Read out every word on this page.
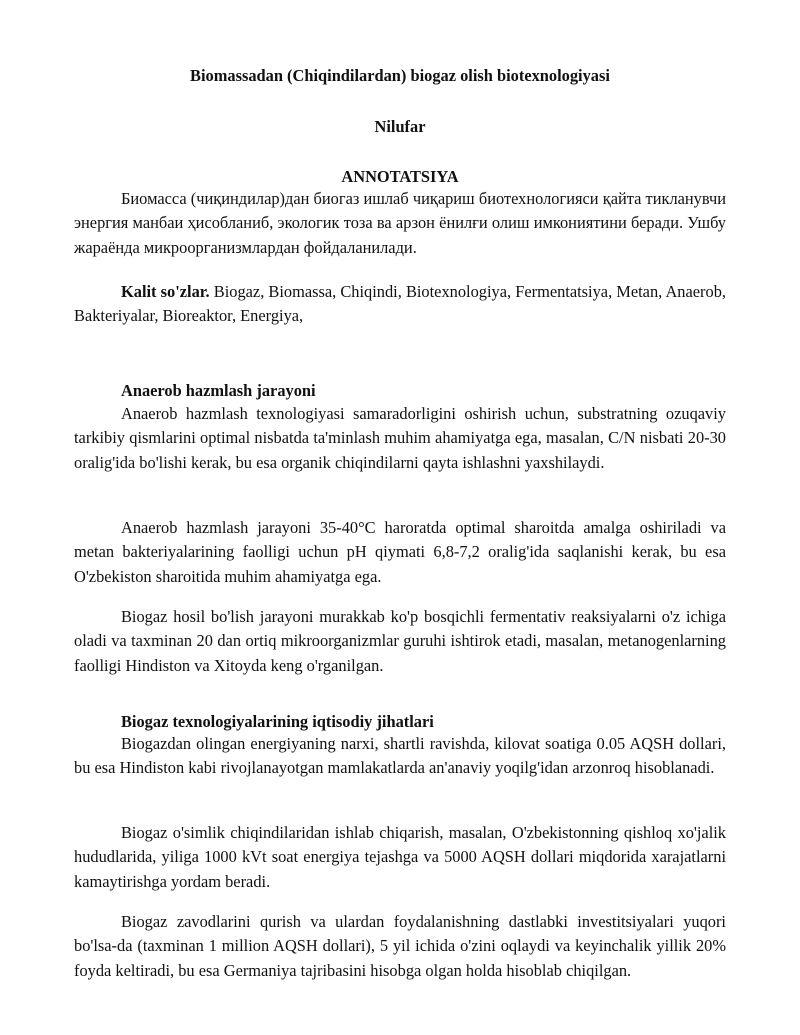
Biomassadan (Chiqindilardan) biogaz olish biotexnologiyasi
Nilufar
ANNOTATSIYA

Биомасса (чиқиндилар)дан биогаз ишлаб чиқариш биотехнологияси қайта тикланувчи энергия манбаи ҳисобланиб, экологик тоза ва арзон ёнилғи олиш имкониятини беради. Ушбу жараёнда микроорганизмлардан фойдаланилади.

Kalit so'zlar. Biogaz, Biomassa, Chiqindi, Biotexnologiya, Fermentatsiya, Metan, Anaerob, Bakteriyalar, Bioreaktor, Energiya,

Anaerob hazmlash jarayoni

Anaerob hazmlash texnologiyasi samaradorligini oshirish uchun, substratning ozuqaviy tarkibiy qismlarini optimal nisbatda ta'minlash muhim ahamiyatga ega, masalan, C/N nisbati 20-30 oralig'ida bo'lishi kerak, bu esa organik chiqindilarni qayta ishlashni yaxshilaydi.

Anaerob hazmlash jarayoni 35-40°C haroratda optimal sharoitda amalga oshiriladi va metan bakteriyalarining faolligi uchun pH qiymati 6,8-7,2 oralig'ida saqlanishi kerak, bu esa O'zbekiston sharoitida muhim ahamiyatga ega.

Biogaz hosil bo'lish jarayoni murakkab ko'p bosqichli fermentativ reaksiyalarni o'z ichiga oladi va taxminan 20 dan ortiq mikroorganizmlar guruhi ishtirok etadi, masalan, metanogenlarning faolligi Hindiston va Xitoyda keng o'rganilgan.

Biogaz texnologiyalarining iqtisodiy jihatlari

Biogazdan olingan energiyaning narxi, shartli ravishda, kilovat soatiga 0.05 AQSH dollari, bu esa Hindiston kabi rivojlanayotgan mamlakatlarda an'anaviy yoqilg'idan arzonroq hisoblanadi.

Biogaz o'simlik chiqindilaridan ishlab chiqarish, masalan, O'zbekistonning qishloq xo'jalik hududlarida, yiliga 1000 kVt soat energiya tejashga va 5000 AQSH dollari miqdorida xarajatlarni kamaytirishga yordam beradi.

Biogaz zavodlarini qurish va ulardan foydalanishning dastlabki investitsiyalari yuqori bo'lsa-da (taxminan 1 million AQSH dollari), 5 yil ichida o'zini oqlaydi va keyinchalik yillik 20% foyda keltiradi, bu esa Germaniya tajribasini hisobga olgan holda hisoblab chiqilgan.
